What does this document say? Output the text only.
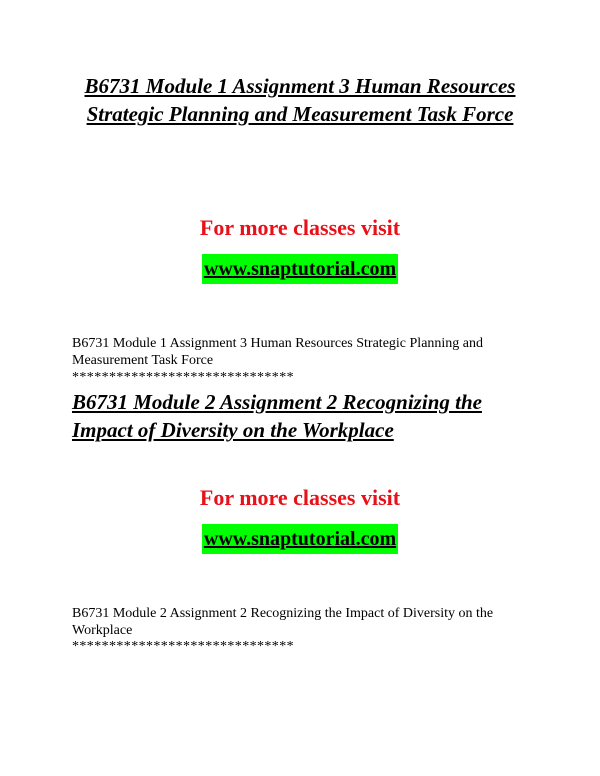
B6731 Module 1 Assignment 3 Human Resources Strategic Planning and Measurement Task Force

For more classes visit

www.snaptutorial.com

B6731 Module 1 Assignment 3 Human Resources Strategic Planning and Measurement Task Force

******************************

B6731 Module 2 Assignment 2 Recognizing the Impact of Diversity on the Workplace

For more classes visit

www.snaptutorial.com

B6731 Module 2 Assignment 2 Recognizing the Impact of Diversity on the Workplace

******************************
